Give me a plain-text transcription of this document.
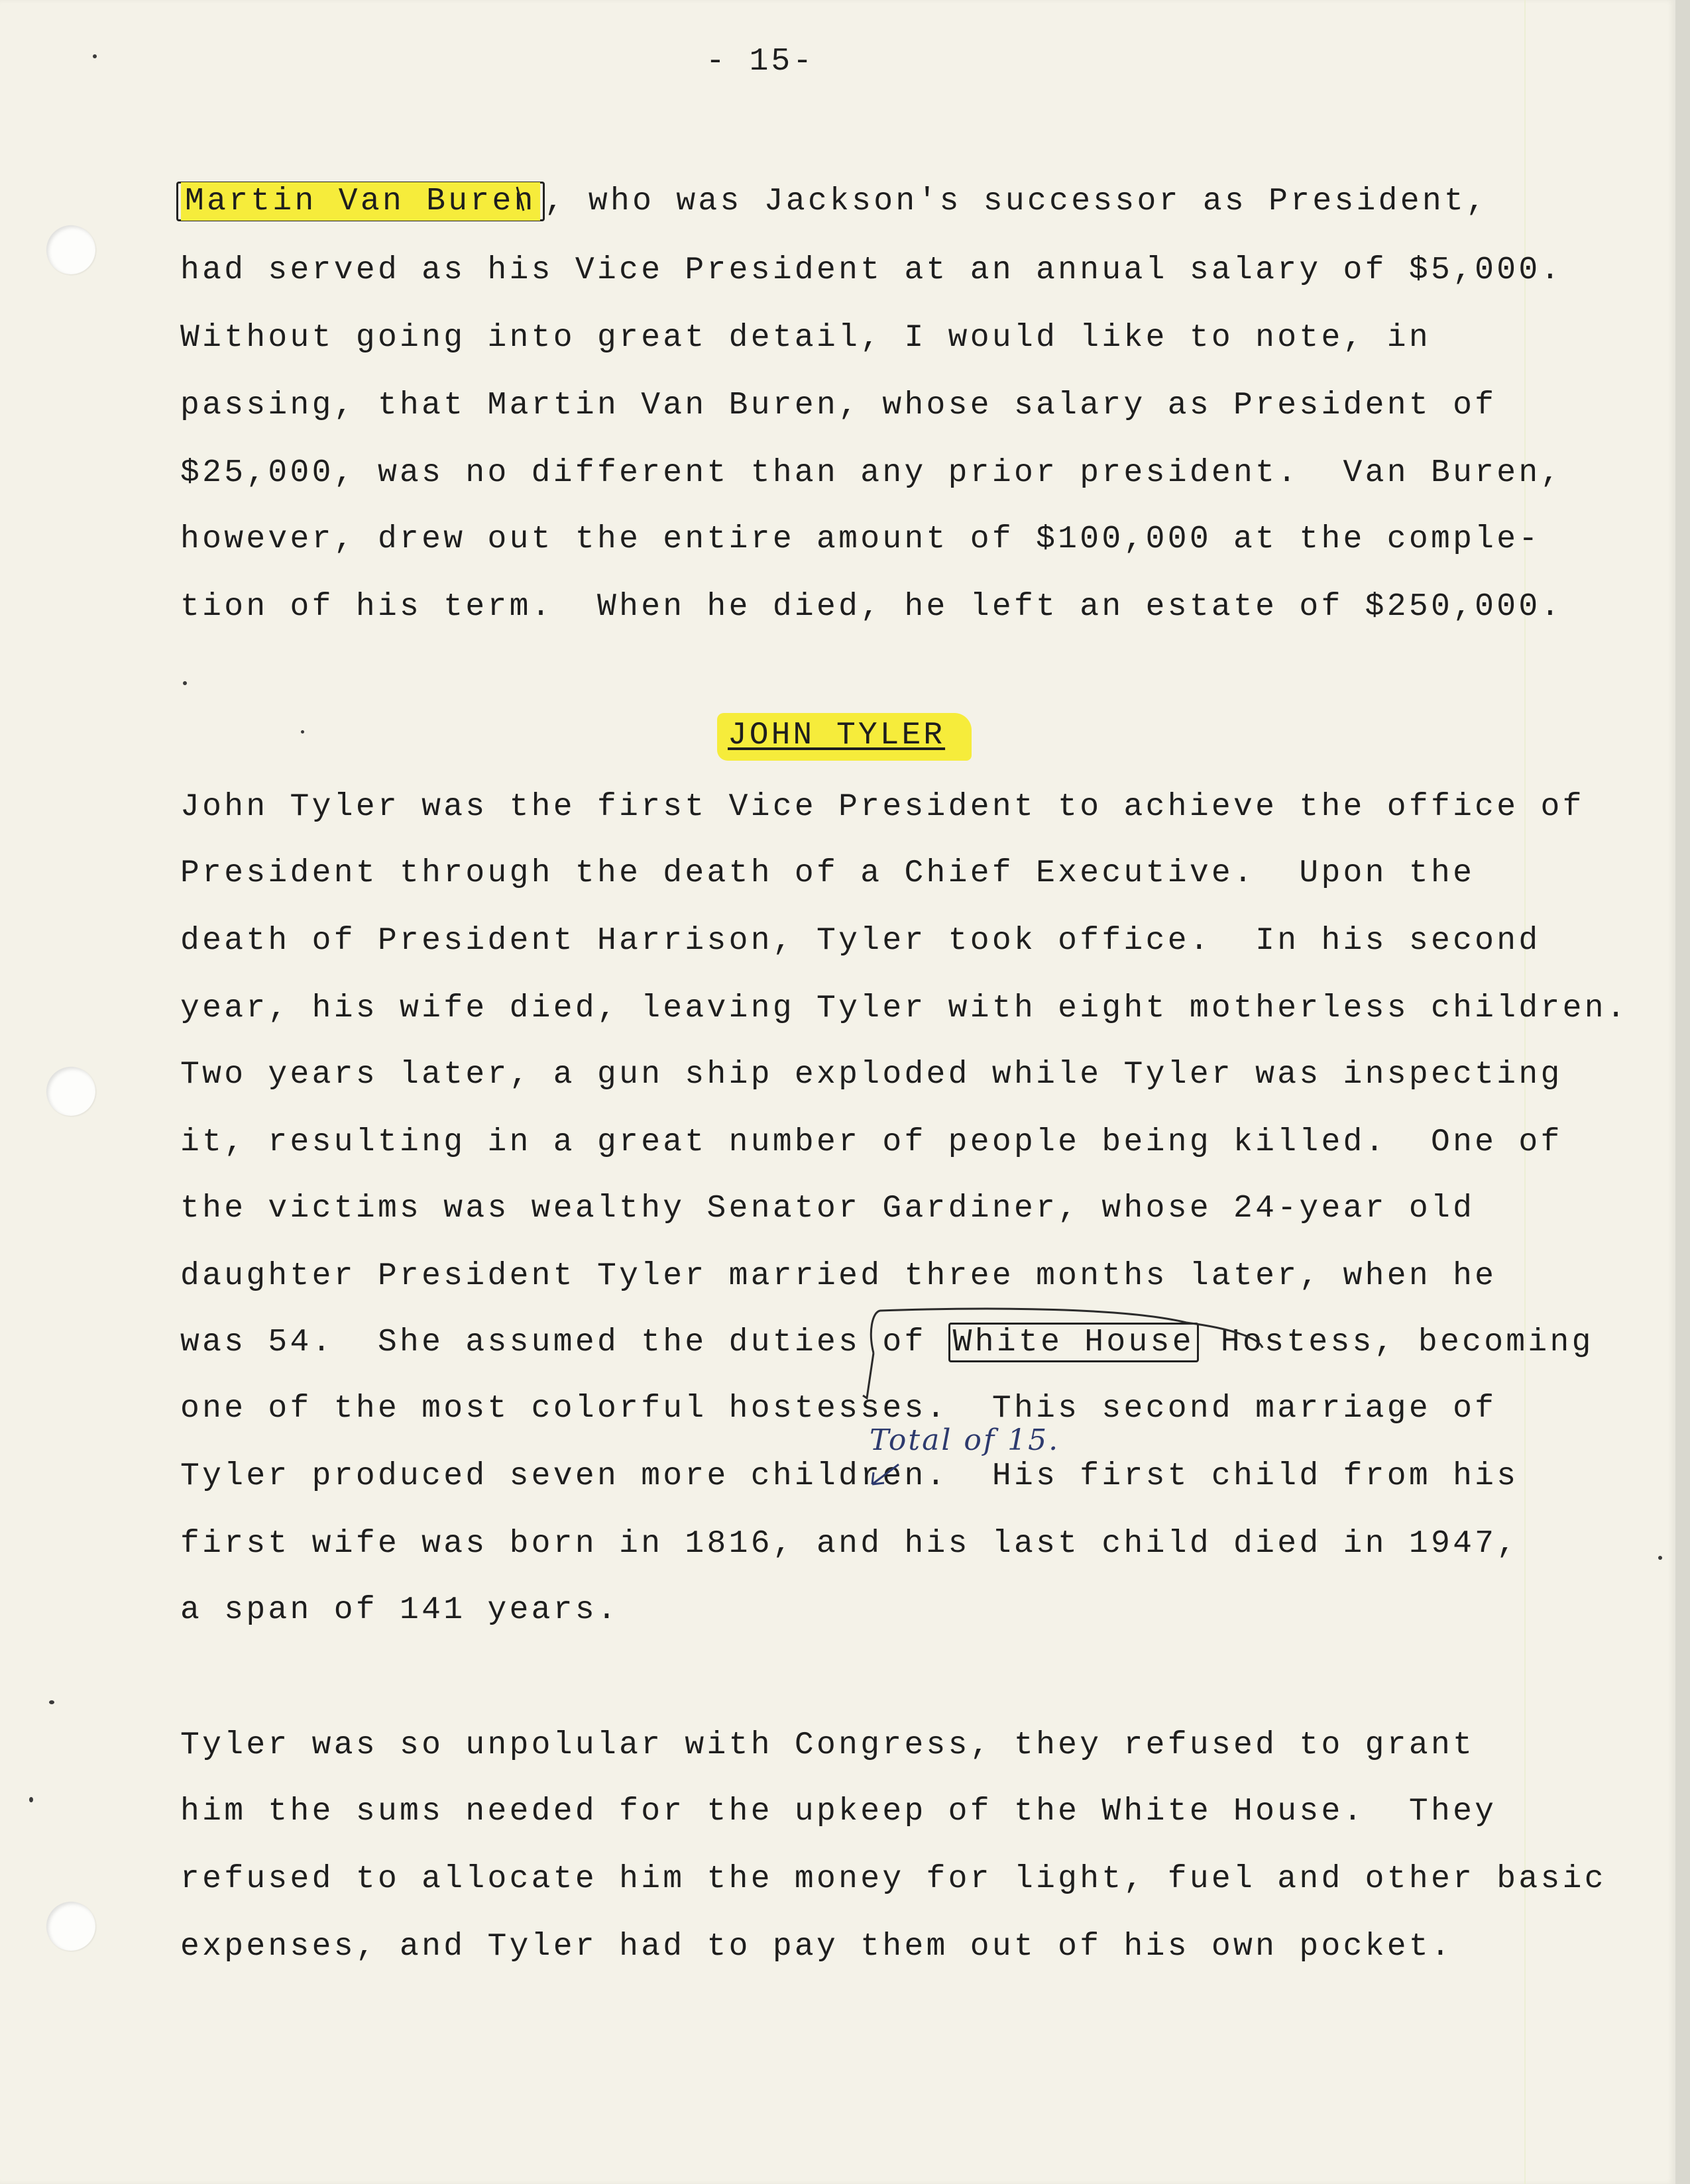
- 15-
Martin Van Buren , who was Jackson's successor as President,
had served as his Vice President at an annual salary of $5,000.
Without going into great detail, I would like to note, in
passing, that Martin Van Buren, whose salary as President of
$25,000, was no different than any prior president.  Van Buren,
however, drew out the entire amount of $100,000 at the comple-
tion of his term.  When he died, he left an estate of $250,000.
JOHN TYLER
John Tyler was the first Vice President to achieve the office of
President through the death of a Chief Executive.  Upon the
death of President Harrison, Tyler took office.  In his second
year, his wife died, leaving Tyler with eight motherless children.
Two years later, a gun ship exploded while Tyler was inspecting
it, resulting in a great number of people being killed.  One of
the victims was wealthy Senator Gardiner, whose 24-year old
daughter President Tyler married three months later, when he
was 54.  She assumed the duties of White House Hostess, becoming
one of the most colorful hostesses.  This second marriage of
Tyler produced seven more children.  His first child from his
first wife was born in 1816, and his last child died in 1947,
a span of 141 years.
Total of 15.
Tyler was so unpolular with Congress, they refused to grant
him the sums needed for the upkeep of the White House.  They
refused to allocate him the money for light, fuel and other basic
expenses, and Tyler had to pay them out of his own pocket.
